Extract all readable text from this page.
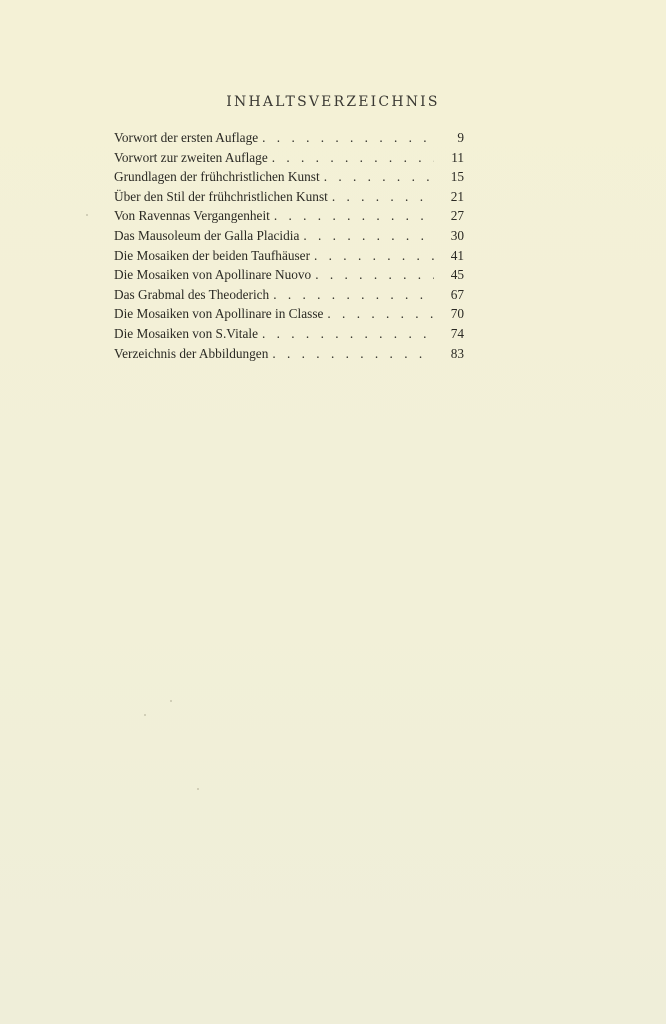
INHALTSVERZEICHNIS
Vorwort der ersten Auflage . . .	9
Vorwort zur zweiten Auflage . . .	11
Grundlagen der frühchristlichen Kunst . . .	15
Über den Stil der frühchristlichen Kunst . . .	21
Von Ravennas Vergangenheit . . .	27
Das Mausoleum der Galla Placidia . . .	30
Die Mosaiken der beiden Taufhäuser . . .	41
Die Mosaiken von Apollinare Nuovo . . .	45
Das Grabmal des Theoderich . . .	67
Die Mosaiken von Apollinare in Classe . . .	70
Die Mosaiken von S.Vitale . . .	74
Verzeichnis der Abbildungen . . .	83
